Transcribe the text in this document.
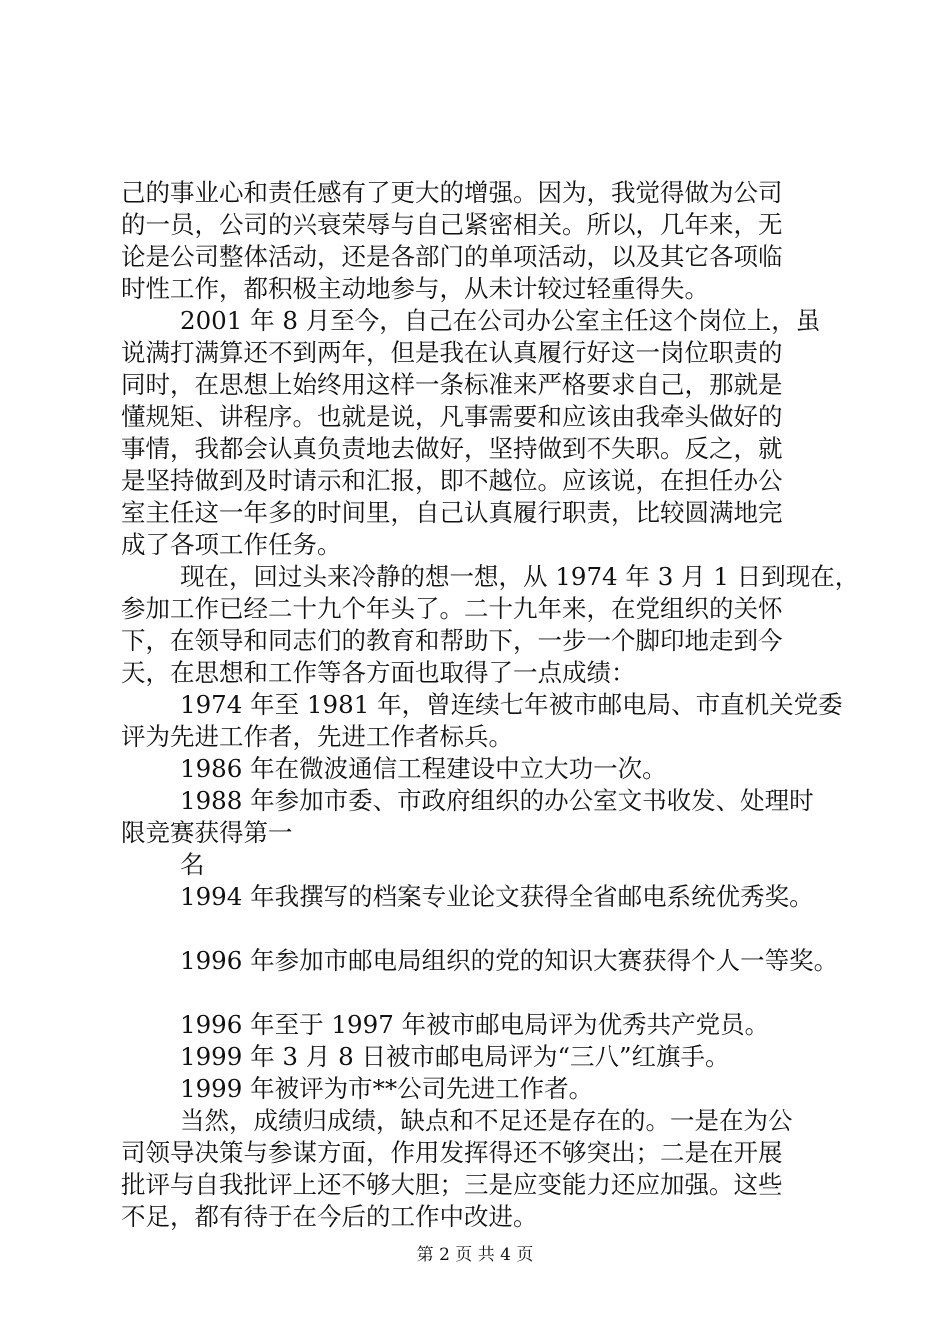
己的事业心和责任感有了更大的增强。因为，我觉得做为公司
的一员，公司的兴衰荣辱与自己紧密相关。所以，几年来，无
论是公司整体活动，还是各部门的单项活动，以及其它各项临
时性工作，都积极主动地参与，从未计较过轻重得失。
2001 年 8 月至今，自己在公司办公室主任这个岗位上，虽
说满打满算还不到两年，但是我在认真履行好这一岗位职责的
同时，在思想上始终用这样一条标准来严格要求自己，那就是
懂规矩、讲程序。也就是说，凡事需要和应该由我牵头做好的
事情，我都会认真负责地去做好，坚持做到不失职。反之，就
是坚持做到及时请示和汇报，即不越位。应该说，在担任办公
室主任这一年多的时间里，自己认真履行职责，比较圆满地完
成了各项工作任务。
现在，回过头来冷静的想一想，从 1974 年 3 月 1 日到现在，
参加工作已经二十九个年头了。二十九年来，在党组织的关怀
下，在领导和同志们的教育和帮助下，一步一个脚印地走到今
天，在思想和工作等各方面也取得了一点成绩：
1974 年至 1981 年，曾连续七年被市邮电局、市直机关党委
评为先进工作者，先进工作者标兵。
1986 年在微波通信工程建设中立大功一次。
1988 年参加市委、市政府组织的办公室文书收发、处理时
限竞赛获得第一
名
1994 年我撰写的档案专业论文获得全省邮电系统优秀奖。
1996 年参加市邮电局组织的党的知识大赛获得个人一等奖。
1996 年至于 1997 年被市邮电局评为优秀共产党员。
1999 年 3 月 8 日被市邮电局评为“三八”红旗手。
1999 年被评为市**公司先进工作者。
当然，成绩归成绩，缺点和不足还是存在的。一是在为公
司领导决策与参谋方面，作用发挥得还不够突出；二是在开展
批评与自我批评上还不够大胆；三是应变能力还应加强。这些
不足，都有待于在今后的工作中改进。
第 2 页 共 4 页
